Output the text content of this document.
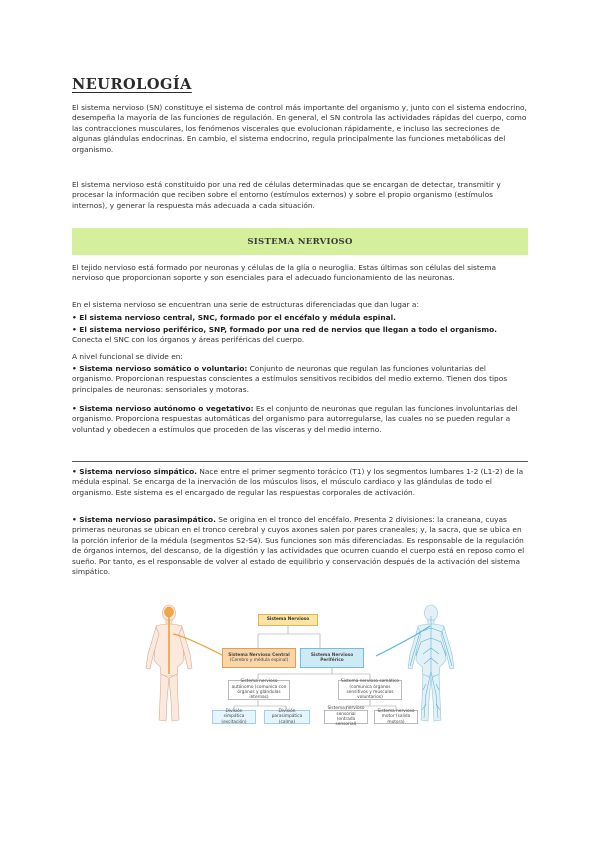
NEUROLOGÍA

El sistema nervioso (SN) constituye el sistema de control más importante del organismo y, junto con el sistema endocrino, desempeña la mayoría de las funciones de regulación. En general, el SN controla las actividades rápidas del cuerpo, como las contracciones musculares, los fenómenos viscerales que evolucionan rápidamente, e incluso las secreciones de algunas glándulas endocrinas. En cambio, el sistema endocrino, regula principalmente las funciones metabólicas del organismo.

El sistema nervioso está constituido por una red de células determinadas que se encargan de detectar, transmitir y procesar la información que reciben sobre el entorno (estímulos externos) y sobre el propio organismo (estímulos internos), y generar la respuesta más adecuada a cada situación.

SISTEMA NERVIOSO

El tejido nervioso está formado por neuronas y células de la glía o neuroglia. Estas últimas son células del sistema nervioso que proporcionan soporte y son esenciales para el adecuado funcionamiento de las neuronas.

En el sistema nervioso se encuentran una serie de estructuras diferenciadas que dan lugar a:

• El sistema nervioso central, SNC, formado por el encéfalo y médula espinal.

• El sistema nervioso periférico, SNP, formado por una red de nervios que llegan a todo el organismo. Conecta el SNC con los órganos y áreas periféricas del cuerpo.

A nivel funcional se divide en:

• Sistema nervioso somático o voluntario: Conjunto de neuronas que regulan las funciones voluntarias del organismo. Proporcionan respuestas conscientes a estímulos sensitivos recibidos del medio externo. Tienen dos tipos principales de neuronas: sensoriales y motoras.

• Sistema nervioso autónomo o vegetativo: Es el conjunto de neuronas que regulan las funciones involuntarias del organismo. Proporciona respuestas automáticas del organismo para autorregularse, las cuales no se pueden regular a voluntad y obedecen a estímulos que proceden de las vísceras y del medio interno.

• Sistema nervioso simpático. Nace entre el primer segmento torácico (T1) y los segmentos lumbares 1-2 (L1-2) de la médula espinal. Se encarga de la inervación de los músculos lisos, el músculo cardiaco y las glándulas de todo el organismo. Este sistema es el encargado de regular las respuestas corporales de activación.

• Sistema nervioso parasimpático. Se origina en el tronco del encéfalo. Presenta 2 divisiones: la craneana, cuyas primeras neuronas se ubican en el tronco cerebral y cuyos axones salen por pares craneales; y, la sacra, que se ubica en la porción inferior de la médula (segmentos S2-S4). Sus funciones son más diferenciadas. Es responsable de la regulación de órganos internos, del descanso, de la digestión y las actividades que ocurren cuando el cuerpo está en reposo como el sueño. Por tanto, es el responsable de volver al estado de equilibrio y conservación después de la activación del sistema simpático.

Sistema Nervioso
Sistema Nervioso Central
(Cerebro y médula espinal)
Sistema Nervioso Periférico
Sistema nervioso autónomo (comunica con órganos y glándulas internas)
Sistema nervioso somático (comunica órganos sensitivos y músculos voluntarios)
División simpática (excitación)
División parasimpática (calma)
Sistema nervioso sensorial (entrada sensorial)
Sistema nervioso motor (salida motora)
